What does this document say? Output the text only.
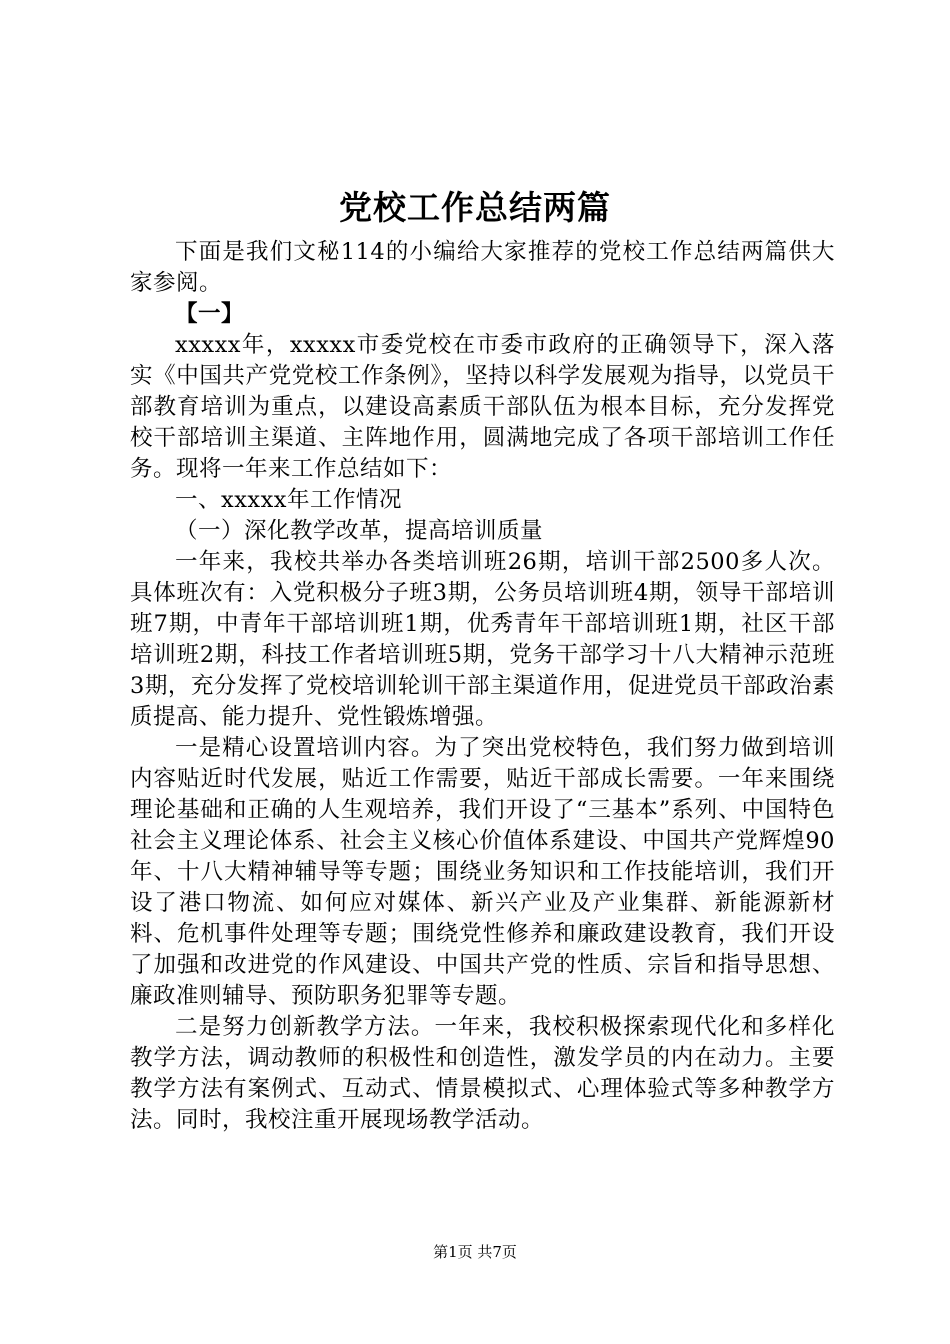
党校工作总结两篇

下面是我们文秘114的小编给大家推荐的党校工作总结两篇供大家参阅。

【一】

xxxxx年，xxxxx市委党校在市委市政府的正确领导下，深入落实《中国共产党党校工作条例》，坚持以科学发展观为指导，以党员干部教育培训为重点，以建设高素质干部队伍为根本目标，充分发挥党校干部培训主渠道、主阵地作用，圆满地完成了各项干部培训工作任务。现将一年来工作总结如下：

一、xxxxx年工作情况

（一）深化教学改革，提高培训质量

一年来，我校共举办各类培训班26期，培训干部2500多人次。具体班次有：入党积极分子班3期，公务员培训班4期，领导干部培训班7期，中青年干部培训班1期，优秀青年干部培训班1期，社区干部培训班2期，科技工作者培训班5期，党务干部学习十八大精神示范班3期，充分发挥了党校培训轮训干部主渠道作用，促进党员干部政治素质提高、能力提升、党性锻炼增强。

一是精心设置培训内容。为了突出党校特色，我们努力做到培训内容贴近时代发展，贴近工作需要，贴近干部成长需要。一年来围绕理论基础和正确的人生观培养，我们开设了“三基本”系列、中国特色社会主义理论体系、社会主义核心价值体系建设、中国共产党辉煌90年、十八大精神辅导等专题；围绕业务知识和工作技能培训，我们开设了港口物流、如何应对媒体、新兴产业及产业集群、新能源新材料、危机事件处理等专题；围绕党性修养和廉政建设教育，我们开设了加强和改进党的作风建设、中国共产党的性质、宗旨和指导思想、廉政准则辅导、预防职务犯罪等专题。

二是努力创新教学方法。一年来，我校积极探索现代化和多样化教学方法，调动教师的积极性和创造性，激发学员的内在动力。主要教学方法有案例式、互动式、情景模拟式、心理体验式等多种教学方法。同时，我校注重开展现场教学活动。

第1页 共7页
